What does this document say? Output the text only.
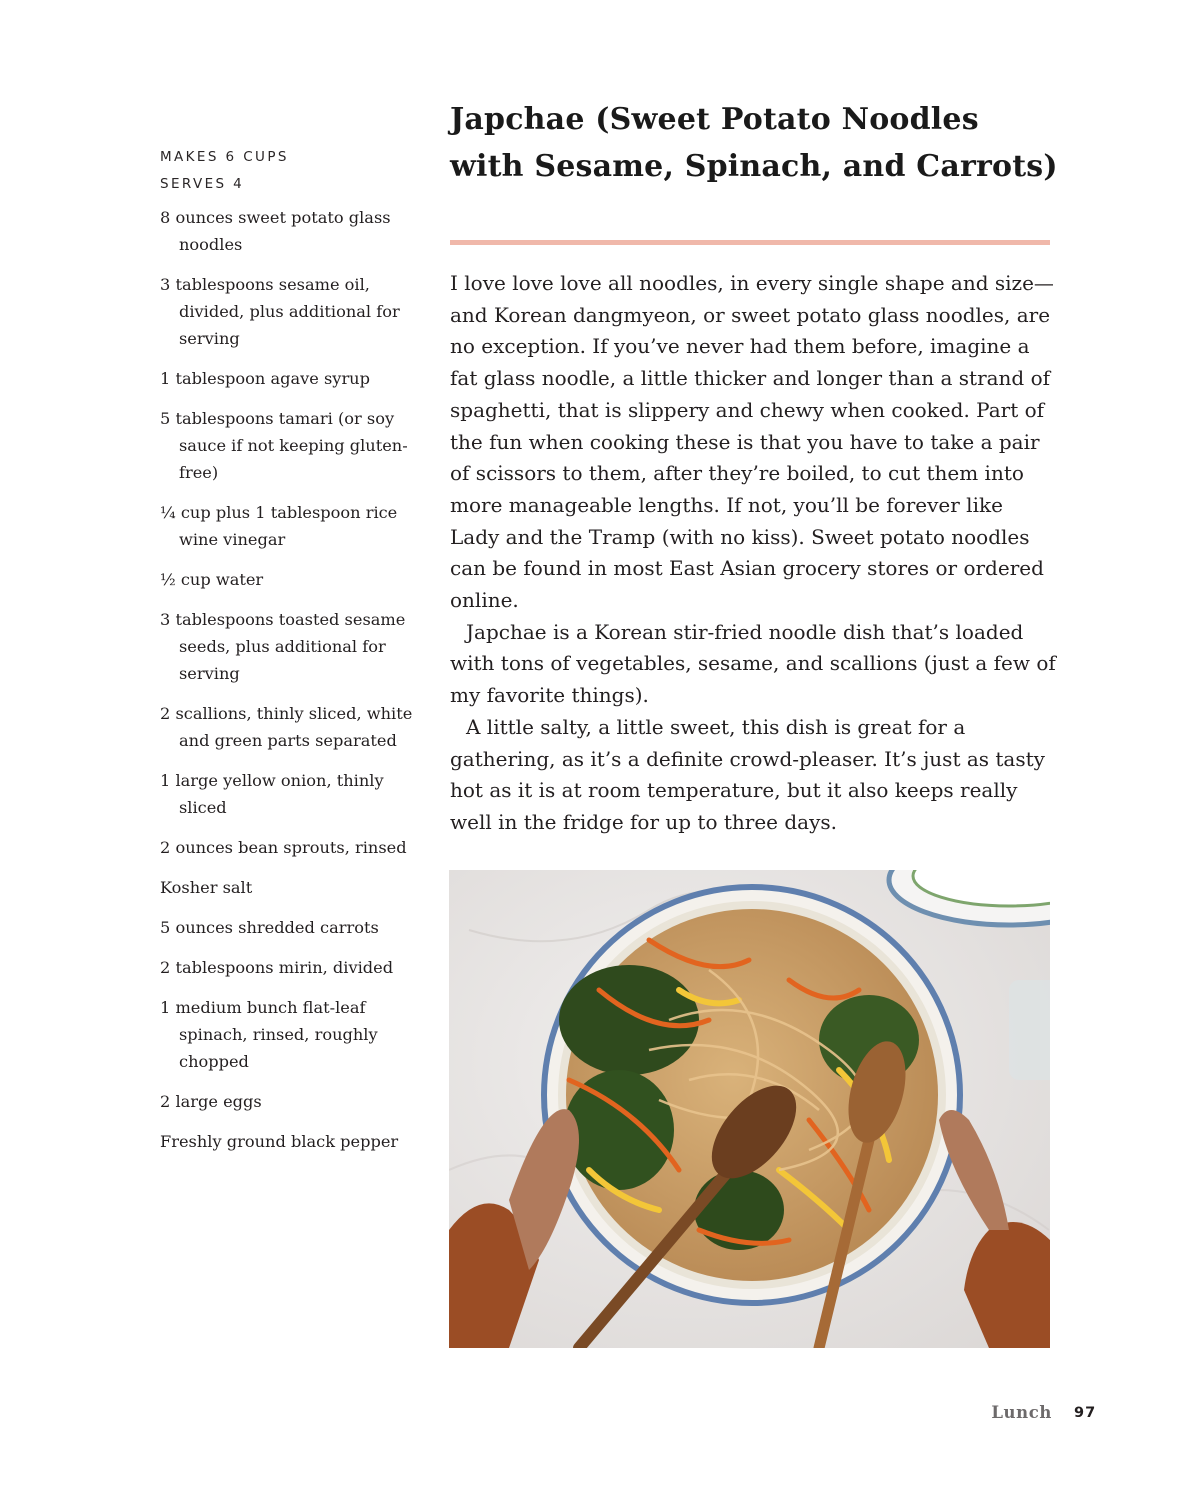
MAKES 6 CUPS
SERVES 4
8 ounces sweet potato glass noodles
3 tablespoons sesame oil, divided, plus additional for serving
1 tablespoon agave syrup
5 tablespoons tamari (or soy sauce if not keeping gluten-free)
¼ cup plus 1 tablespoon rice wine vinegar
½ cup water
3 tablespoons toasted sesame seeds, plus additional for serving
2 scallions, thinly sliced, white and green parts separated
1 large yellow onion, thinly sliced
2 ounces bean sprouts, rinsed
Kosher salt
5 ounces shredded carrots
2 tablespoons mirin, divided
1 medium bunch flat-leaf spinach, rinsed, roughly chopped
2 large eggs
Freshly ground black pepper
Japchae (Sweet Potato Noodles with Sesame, Spinach, and Carrots)

I love love love all noodles, in every single shape and size—and Korean dangmyeon, or sweet potato glass noodles, are no exception. If you’ve never had them before, imagine a fat glass noodle, a little thicker and longer than a strand of spaghetti, that is slippery and chewy when cooked. Part of the fun when cooking these is that you have to take a pair of scissors to them, after they’re boiled, to cut them into more manageable lengths. If not, you’ll be forever like Lady and the Tramp (with no kiss). Sweet potato noodles can be found in most East Asian grocery stores or ordered online.

Japchae is a Korean stir-fried noodle dish that’s loaded with tons of vegetables, sesame, and scallions (just a few of my favorite things).

A little salty, a little sweet, this dish is great for a gathering, as it’s a definite crowd-pleaser. It’s just as tasty hot as it is at room temperature, but it also keeps really well in the fridge for up to three days.

Lunch 97
